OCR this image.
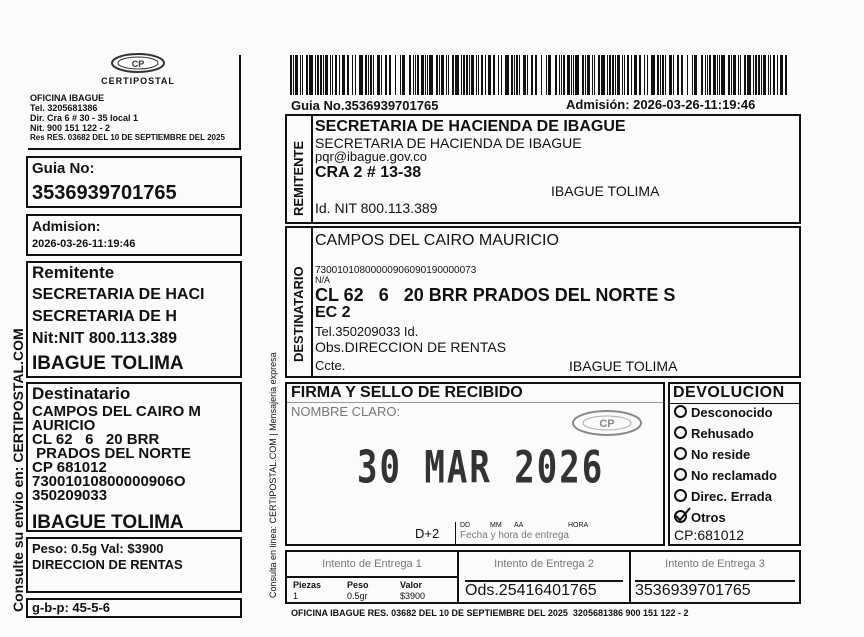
CP
CERTIPOSTAL
OFICINA IBAGUE
Tel. 3205681386
Dir. Cra 6 # 30 - 35 local 1
Nit. 900 151 122 - 2
Res RES. 03682 DEL 10 DE SEPTIEMBRE DEL 2025
Consulte su envio en: CERTIPOSTAL.COM
Guia No:
3536939701765
Admision:
2026-03-26-11:19:46
Remitente
SECRETARIA DE HACI
SECRETARIA DE H
Nit:NIT 800.113.389
IBAGUE TOLIMA
Destinatario
CAMPOS DEL CAIRO M
AURICIO
CL 62   6   20 BRR
PRADOS DEL NORTE
CP 681012
73001010800000906O
350209033
IBAGUE TOLIMA
Peso: 0.5g Val: $3900
DIRECCION DE RENTAS
g-b-p: 45-5-6
Consulta en linea: CERTIPOSTAL.COM | Mensajeria expresa
Guia No.3536939701765	Admisión: 2026-03-26-11:19:46
REMITENTE
SECRETARIA DE HACIENDA DE IBAGUE
SECRETARIA DE HACIENDA DE IBAGUE
pqr@ibague.gov.co
CRA 2 # 13-38
IBAGUE TOLIMA
Id. NIT 800.113.389
DESTINATARIO
CAMPOS DEL CAIRO MAURICIO
73001010800000906090190000073
N/A
CL 62   6   20 BRR PRADOS DEL NORTE S
EC 2
Tel.350209033 Id.
Obs.DIRECCION DE RENTAS
Ccte.	IBAGUE TOLIMA
FIRMA Y SELLO DE RECIBIDO
NOMBRE CLARO:
CP
30 MAR 2026
D+2
DD	MM AA	HORA
Fecha y hora de entrega
DEVOLUCION
Desconocido
Rehusado
No reside
No reclamado
Direc. Errada
Otros
CP:681012
Intento de Entrega 1
Piezas	Peso	Valor
1	0.5gr	$3900
Intento de Entrega 2
Ods.25416401765
Intento de Entrega 3
3536939701765
OFICINA IBAGUE RES. 03682 DEL 10 DE SEPTIEMBRE DEL 2025  3205681386 900 151 122 - 2
